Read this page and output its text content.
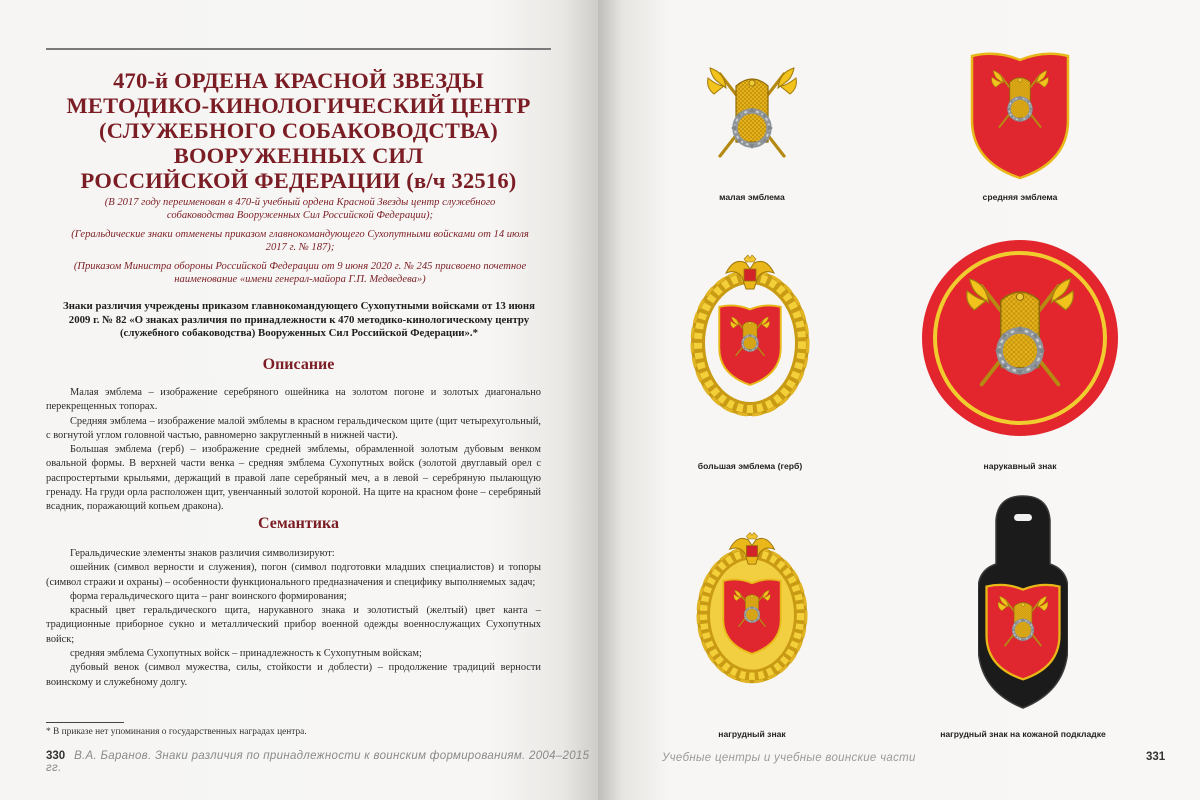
470-й ОРДЕНА КРАСНОЙ ЗВЕЗДЫ
МЕТОДИКО-КИНОЛОГИЧЕСКИЙ ЦЕНТР
(СЛУЖЕБНОГО СОБАКОВОДСТВА)
ВООРУЖЕННЫХ СИЛ
РОССИЙСКОЙ ФЕДЕРАЦИИ (в/ч 32516)

(В 2017 году переименован в 470-й учебный ордена Красной Звезды центр служебного собаководства Вооруженных Сил Российской Федерации);

(Геральдические знаки отменены приказом главнокомандующего Сухопутными войсками от 14 июля 2017 г. № 187);

(Приказом Министра обороны Российской Федерации от 9 июня 2020 г. № 245 присвоено почетное наименование «имени генерал-майора Г.П. Медведева»)

Знаки различия учреждены приказом главнокомандующего Сухопутными войсками от 13 июня 2009 г. № 82 «О знаках различия по принадлежности к 470 методико-кинологическому центру (служебного собаководства) Вооруженных Сил Российской Федерации».*
Описание

Малая эмблема – изображение серебряного ошейника на золотом погоне и золотых диагонально перекрещенных топорах.

Средняя эмблема – изображение малой эмблемы в красном геральдическом щите (щит четырехугольный, с вогнутой углом головной частью, равномерно закругленный в нижней части).

Большая эмблема (герб) – изображение средней эмблемы, обрамленной золотым дубовым венком овальной формы. В верхней части венка – средняя эмблема Сухопутных войск (золотой двуглавый орел с распростертыми крыльями, держащий в правой лапе серебряный меч, а в левой – серебряную пылающую гренаду. На груди орла расположен щит, увенчанный золотой короной. На щите на красном фоне – серебряный всадник, поражающий копьем дракона).

Семантика

Геральдические элементы знаков различия символизируют:

ошейник (символ верности и служения), погон (символ подготовки младших специалистов) и топоры (символ стражи и охраны) – особенности функционального предназначения и специфику выполняемых задач;

форма геральдического щита – ранг воинского формирования;

красный цвет геральдического щита, нарукавного знака и золотистый (желтый) цвет канта – традиционные приборное сукно и металлический прибор военной одежды военнослужащих Сухопутных войск;

средняя эмблема Сухопутных войск – принадлежность к Сухопутным войскам;

дубовый венок (символ мужества, силы, стойкости и доблести) – продолжение традиций верности воинскому и служебному долгу.

* В приказе нет упоминания о государственных наградах центра.
330 В.А. Баранов. Знаки различия по принадлежности к воинским формированиям. 2004–2015 гг.
малая эмблема	средняя эмблема
большая эмблема (герб)	нарукавный знак
нагрудный знак	нагрудный знак на кожаной подкладке
Учебные центры и учебные воинские части	331
